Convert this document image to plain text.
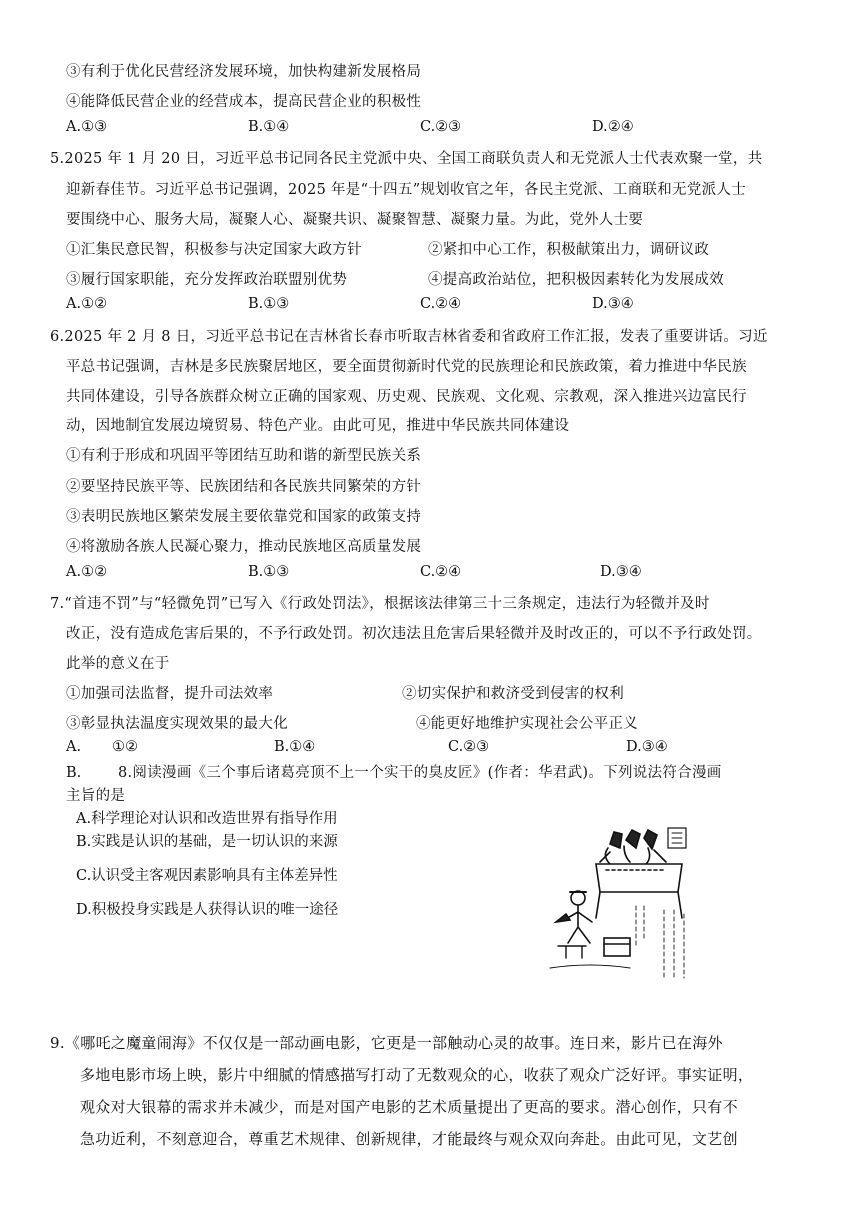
③有利于优化民营经济发展环境，加快构建新发展格局
④能降低民营企业的经营成本，提高民营企业的积极性
A.①③	B.①④	C.②③	D.②④
5.2025 年 1 月 20 日，习近平总书记同各民主党派中央、全国工商联负责人和无党派人士代表欢聚一堂，共
迎新春佳节。习近平总书记强调，2025 年是“十四五”规划收官之年，各民主党派、工商联和无党派人士
要围绕中心、服务大局，凝聚人心、凝聚共识、凝聚智慧、凝聚力量。为此，党外人士要
①汇集民意民智，积极参与决定国家大政方针	②紧扣中心工作，积极献策出力，调研议政
③履行国家职能，充分发挥政治联盟别优势	④提高政治站位，把积极因素转化为发展成效
A.①②	B.①③	C.②④	D.③④
6.2025 年 2 月 8 日，习近平总书记在吉林省长春市听取吉林省委和省政府工作汇报，发表了重要讲话。习近
平总书记强调，吉林是多民族聚居地区，要全面贯彻新时代党的民族理论和民族政策，着力推进中华民族
共同体建设，引导各族群众树立正确的国家观、历史观、民族观、文化观、宗教观，深入推进兴边富民行
动，因地制宜发展边境贸易、特色产业。由此可见，推进中华民族共同体建设
①有利于形成和巩固平等团结互助和谐的新型民族关系
②要坚持民族平等、民族团结和各民族共同繁荣的方针
③表明民族地区繁荣发展主要依靠党和国家的政策支持
④将激励各族人民凝心聚力，推动民族地区高质量发展
A.①②	B.①③	C.②④	D.③④
7.“首违不罚”与“轻微免罚”已写入《行政处罚法》，根据该法律第三十三条规定，违法行为轻微并及时
改正，没有造成危害后果的，不予行政处罚。初次违法且危害后果轻微并及时改正的，可以不予行政处罚。
此举的意义在于
①加强司法监督，提升司法效率	②切实保护和救济受到侵害的权利
③彰显执法温度实现效果的最大化	④能更好地维护实现社会公平正义
A. ①②	B.①④	C.②③	D.③④
B.	8.阅读漫画《三个事后诸葛亮顶不上一个实干的臭皮匠》(作者：华君武)。下列说法符合漫画
主旨的是
A.科学理论对认识和改造世界有指导作用
B.实践是认识的基础，是一切认识的来源
C.认识受主客观因素影响具有主体差异性
D.积极投身实践是人获得认识的唯一途径
9.《哪吒之魔童闹海》不仅仅是一部动画电影，它更是一部触动心灵的故事。连日来，影片已在海外
多地电影市场上映，影片中细腻的情感描写打动了无数观众的心，收获了观众广泛好评。事实证明，
观众对大银幕的需求并未减少，而是对国产电影的艺术质量提出了更高的要求。潜心创作，只有不
急功近利，不刻意迎合，尊重艺术规律、创新规律，才能最终与观众双向奔赴。由此可见，文艺创
